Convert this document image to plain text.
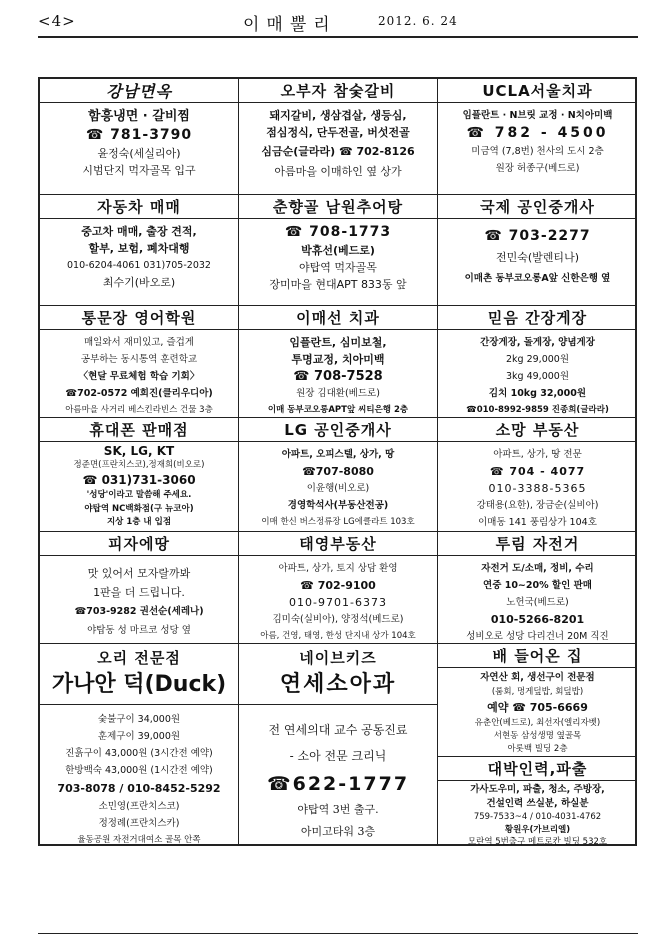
<4>	이매뿔리	2012. 6. 24
강남면옥
함흥냉면 · 갈비찜
☎ 781-3790
윤정숙(세실리아)
시범단지 먹자골목 입구
오부자 참숯갈비
돼지갈비, 생삼겹살, 생등심,
점심정식, 단두전골, 버섯전골
심금순(글라라) ☎ 702-8126
아름마을 이매하인 옆 상가
UCLA서울치과
임플란트 · N브릿 교정 · N치아미백
☎ 782 - 4500
미금역 (7,8번) 천사의 도시 2층
원장 허종구(베드로)
자동차 매매
중고차 매매, 출장 견적,
할부, 보험, 폐차대행
010-6204-4061 031)705-2032
최수기(바오로)
춘향골 남원추어탕
☎ 708-1773
박휴선(베드로)
야탑역 먹자골목
장미마을 현대APT 833동 앞
국제 공인중개사
☎ 703-2277
전민숙(발렌티나)
이매촌 동부코오롱A앞 신한은행 옆
통문장 영어학원
매일와서 재미있고, 즐겁게
공부하는 동시통역 훈련학교
〈현달 무료체험 학습 기회〉
☎702-0572 예희진(클리우디아)
아름마을 사거리 베스킨라빈스 건물 3층
이매선 치과
임플란트, 심미보철,
투명교정, 치아미백
☎ 708-7528
원장 김대환(베드로)
이매 동부코오롱APT앞 씨티은행 2층
믿음 간장게장
간장게장, 돌게장, 양념게장
2kg 29,000원
3kg 49,000원
김치 10kg 32,000원
☎010-8992-9859 진종희(글라라)
휴대폰 판매점
SK, LG, KT
정준면(프란치스코),정재희(비오로)
☎ 031)731-3060
'성당'이라고 말씀해 주세요.
야탑역 NC백화점(구 뉴코아)
지상 1층 내 입점
LG 공인중개사
아파트, 오피스텔, 상가, 땅
☎707-8080
이윤행(비오로)
경영학석사(부동산전공)
이매 한신 버스정류장 LG에클라트 103호
소망 부동산
아파트, 상가, 땅 전문
☎ 704 - 4077
010-3388-5365
강태용(요한), 장금순(실비아)
이매동 141 풍림상가 104호
피자에땅
맛 있어서 모자랄까봐
1판을 더 드립니다.
☎703-9282 권선순(세레나)
야탑동 성 마르코 성당 옆
태영부동산
아파트, 상가, 토지 상담 환영
☎ 702-9100
010-9701-6373
김미숙(실비아), 양정석(베드로)
아름, 건영, 태영, 한성 단지내 상가 104호
투림 자전거
자전거 도/소매, 정비, 수리
연중 10~20% 할인 판매
노헌국(베드로)
010-5266-8201
성비오로 성당 다리건너 20M 직진
오리 전문점
가나안 덕(Duck)
숯불구이 34,000원
훈제구이 39,000원
진흙구이 43,000원 (3시간전 예약)
한방백숙 43,000원 (1시간전 예약)
703-8078 / 010-8452-5292
소민영(프란치스코)
정정례(프란치스카)
율동공원 자전거대여소 골목 안쪽
네이브키즈
연세소아과
전 연세의대 교수 공동진료
- 소아 전문 크리닉
☎622-1777
야탑역 3번 출구.
아미고타워 3층
배 들어온 집
자연산 회, 생선구이 전문점
(룸회, 멍게덮밥, 회덮밥)
예약 ☎ 705-6669
유춘안(베드로), 최선자(엘리자벳)
서현동 삼성생명 옆골목
아롯백 빌딩 2층
대박인력,파출
가사도우미, 파출, 청소, 주방장,
건설인력 쓰실분, 하실분
759-7533~4 / 010-4031-4762
황원우(가브리엘)
모란역 5번출구 메트로칸 빌딩 532호
